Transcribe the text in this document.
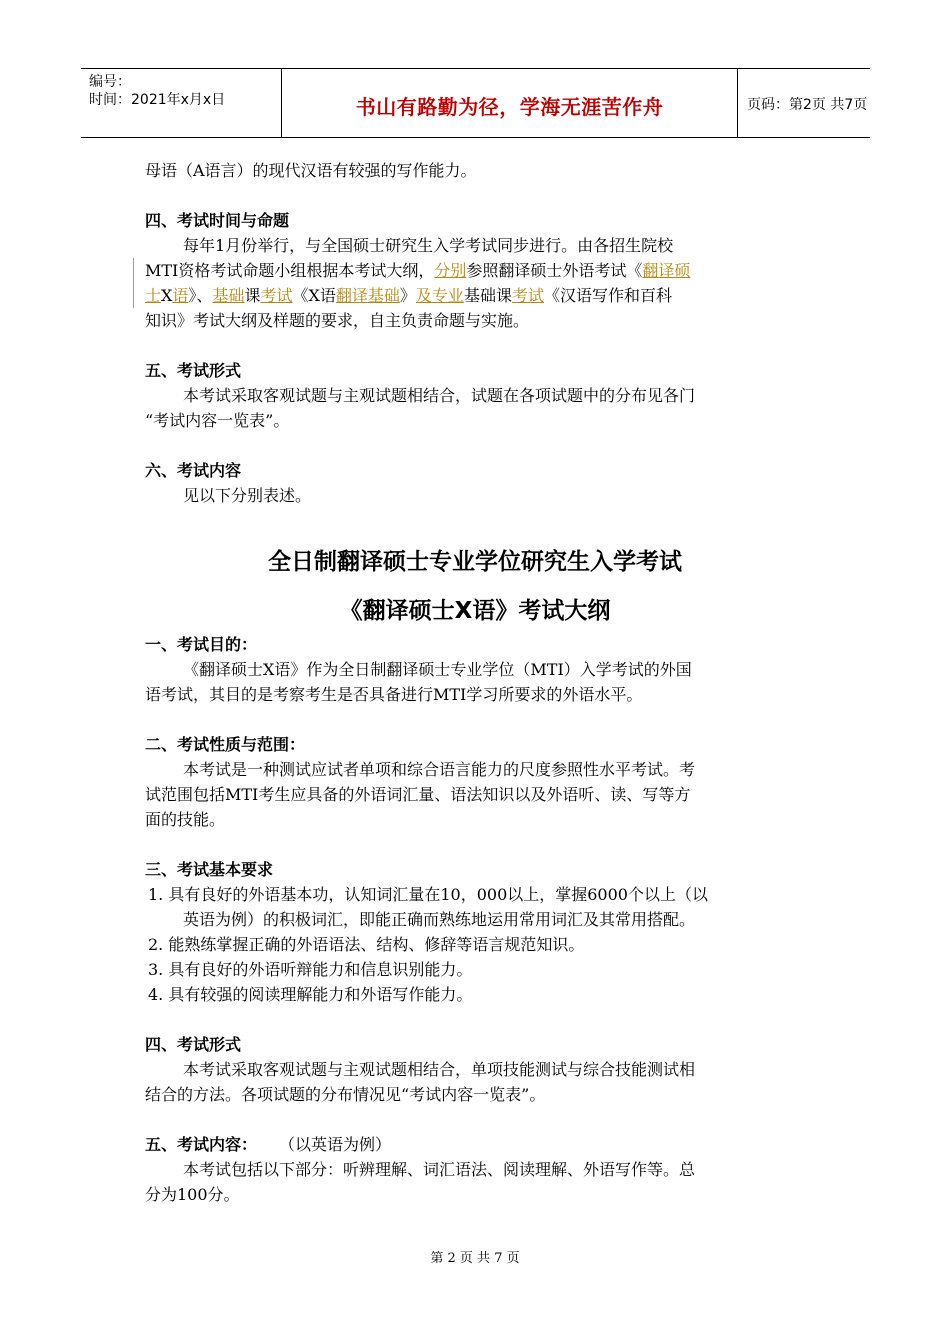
编号：
时间：2021年x月x日	书山有路勤为径，学海无涯苦作舟	页码：第2页 共7页
母语（A语言）的现代汉语有较强的写作能力。
四、考试时间与命题
每年1月份举行，与全国硕士研究生入学考试同步进行。由各招生院校
MTI资格考试命题小组根据本考试大纲，分别参照翻译硕士外语考试《翻译硕
士X语》、基础课考试《X语翻译基础》及专业基础课考试《汉语写作和百科
知识》考试大纲及样题的要求，自主负责命题与实施。
五、考试形式
本考试采取客观试题与主观试题相结合，试题在各项试题中的分布见各门
“考试内容一览表”。
六、考试内容
见以下分别表述。
全日制翻译硕士专业学位研究生入学考试
《翻译硕士X语》考试大纲
一、考试目的：
《翻译硕士X语》作为全日制翻译硕士专业学位（MTI）入学考试的外国
语考试，其目的是考察考生是否具备进行MTI学习所要求的外语水平。
二、考试性质与范围：
本考试是一种测试应试者单项和综合语言能力的尺度参照性水平考试。考
试范围包括MTI考生应具备的外语词汇量、语法知识以及外语听、读、写等方
面的技能。
三、考试基本要求
1. 具有良好的外语基本功，认知词汇量在10，000以上，掌握6000个以上（以
英语为例）的积极词汇，即能正确而熟练地运用常用词汇及其常用搭配。
2. 能熟练掌握正确的外语语法、结构、修辞等语言规范知识。
3. 具有良好的外语听辩能力和信息识别能力。
4. 具有较强的阅读理解能力和外语写作能力。
四、考试形式
本考试采取客观试题与主观试题相结合，单项技能测试与综合技能测试相
结合的方法。各项试题的分布情况见“考试内容一览表”。
五、考试内容： （以英语为例）
本考试包括以下部分：听辨理解、词汇语法、阅读理解、外语写作等。总
分为100分。
第 2 页 共 7 页
